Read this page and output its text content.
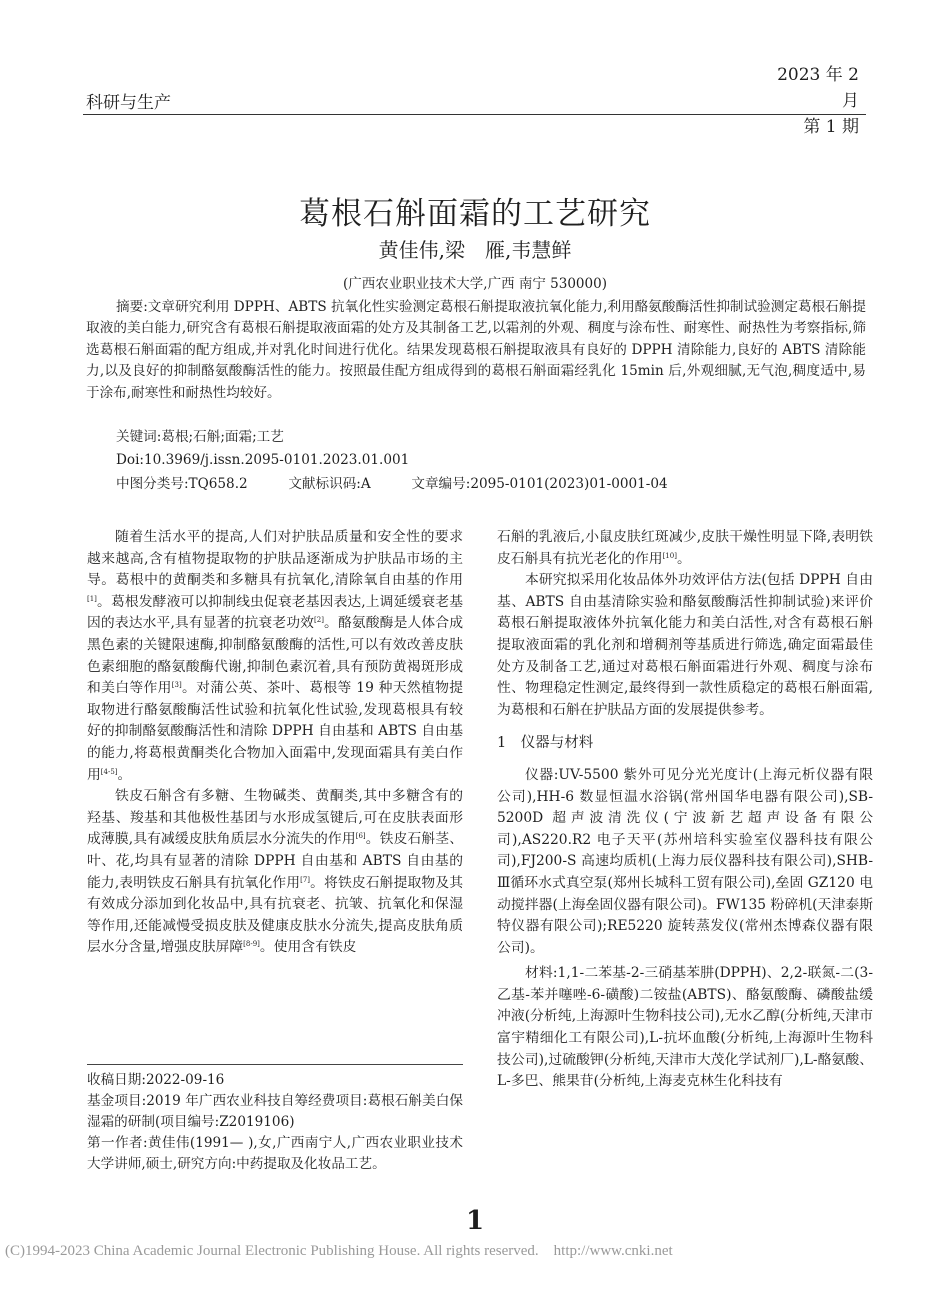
科研与生产
2023 年 2 月
第 1 期
葛根石斛面霜的工艺研究
黄佳伟,梁　雁,韦慧鲜
(广西农业职业技术大学,广西 南宁 530000)

摘要:文章研究利用 DPPH、ABTS 抗氧化性实验测定葛根石斛提取液抗氧化能力,利用酪氨酸酶活性抑制试验测定葛根石斛提取液的美白能力,研究含有葛根石斛提取液面霜的处方及其制备工艺,以霜剂的外观、稠度与涂布性、耐寒性、耐热性为考察指标,筛选葛根石斛面霜的配方组成,并对乳化时间进行优化。结果发现葛根石斛提取液具有良好的 DPPH 清除能力,良好的 ABTS 清除能力,以及良好的抑制酪氨酸酶活性的能力。按照最佳配方组成得到的葛根石斛面霜经乳化 15min 后,外观细腻,无气泡,稠度适中,易于涂布,耐寒性和耐热性均较好。

关键词:葛根;石斛;面霜;工艺
Doi:10.3969/j.issn.2095-0101.2023.01.001
中图分类号:TQ658.2	文献标识码:A	文章编号:2095-0101(2023)01-0001-04

随着生活水平的提高,人们对护肤品质量和安全性的要求越来越高,含有植物提取物的护肤品逐渐成为护肤品市场的主导。葛根中的黄酮类和多糖具有抗氧化,清除氧自由基的作用[1]。葛根发酵液可以抑制线虫促衰老基因表达,上调延缓衰老基因的表达水平,具有显著的抗衰老功效[2]。酪氨酸酶是人体合成黑色素的关键限速酶,抑制酪氨酸酶的活性,可以有效改善皮肤色素细胞的酪氨酸酶代谢,抑制色素沉着,具有预防黄褐斑形成和美白等作用[3]。对蒲公英、茶叶、葛根等 19 种天然植物提取物进行酪氨酸酶活性试验和抗氧化性试验,发现葛根具有较好的抑制酪氨酸酶活性和清除 DPPH 自由基和 ABTS 自由基的能力,将葛根黄酮类化合物加入面霜中,发现面霜具有美白作用[4-5]。

铁皮石斛含有多糖、生物碱类、黄酮类,其中多糖含有的羟基、羧基和其他极性基团与水形成氢键后,可在皮肤表面形成薄膜,具有减缓皮肤角质层水分流失的作用[6]。铁皮石斛茎、叶、花,均具有显著的清除 DPPH 自由基和 ABTS 自由基的能力,表明铁皮石斛具有抗氧化作用[7]。将铁皮石斛提取物及其有效成分添加到化妆品中,具有抗衰老、抗皱、抗氧化和保湿等作用,还能减慢受损皮肤及健康皮肤水分流失,提高皮肤角质层水分含量,增强皮肤屏障[8-9]。使用含有铁皮

收稿日期:2022-09-16

基金项目:2019 年广西农业科技自筹经费项目:葛根石斛美白保湿霜的研制(项目编号:Z2019106)

第一作者:黄佳伟(1991— ),女,广西南宁人,广西农业职业技术大学讲师,硕士,研究方向:中药提取及化妆品工艺。

石斛的乳液后,小鼠皮肤红斑减少,皮肤干燥性明显下降,表明铁皮石斛具有抗光老化的作用[10]。

本研究拟采用化妆品体外功效评估方法(包括 DPPH 自由基、ABTS 自由基清除实验和酪氨酸酶活性抑制试验)来评价葛根石斛提取液体外抗氧化能力和美白活性,对含有葛根石斛提取液面霜的乳化剂和增稠剂等基质进行筛选,确定面霜最佳处方及制备工艺,通过对葛根石斛面霜进行外观、稠度与涂布性、物理稳定性测定,最终得到一款性质稳定的葛根石斛面霜,为葛根和石斛在护肤品方面的发展提供参考。

1　仪器与材料

仪器:UV-5500 紫外可见分光光度计(上海元析仪器有限公司),HH-6 数显恒温水浴锅(常州国华电器有限公司),SB-5200D 超声波清洗仪(宁波新艺超声设备有限公司),AS220.R2 电子天平(苏州培科实验室仪器科技有限公司),FJ200-S 高速均质机(上海力辰仪器科技有限公司),SHB-Ⅲ循环水式真空泵(郑州长城科工贸有限公司),垒固 GZ120 电动搅拌器(上海垒固仪器有限公司)。FW135 粉碎机(天津泰斯特仪器有限公司);RE5220 旋转蒸发仪(常州杰博森仪器有限公司)。

材料:1,1-二苯基-2-三硝基苯肼(DPPH)、2,2-联氮-二(3-乙基-苯并噻唑-6-磺酸)二铵盐(ABTS)、酪氨酸酶、磷酸盐缓冲液(分析纯,上海源叶生物科技公司),无水乙醇(分析纯,天津市富宇精细化工有限公司),L-抗坏血酸(分析纯,上海源叶生物科技公司),过硫酸钾(分析纯,天津市大茂化学试剂厂),L-酪氨酸、L-多巴、熊果苷(分析纯,上海麦克林生化科技有

1
(C)1994-2023 China Academic Journal Electronic Publishing House. All rights reserved.    http://www.cnki.net
